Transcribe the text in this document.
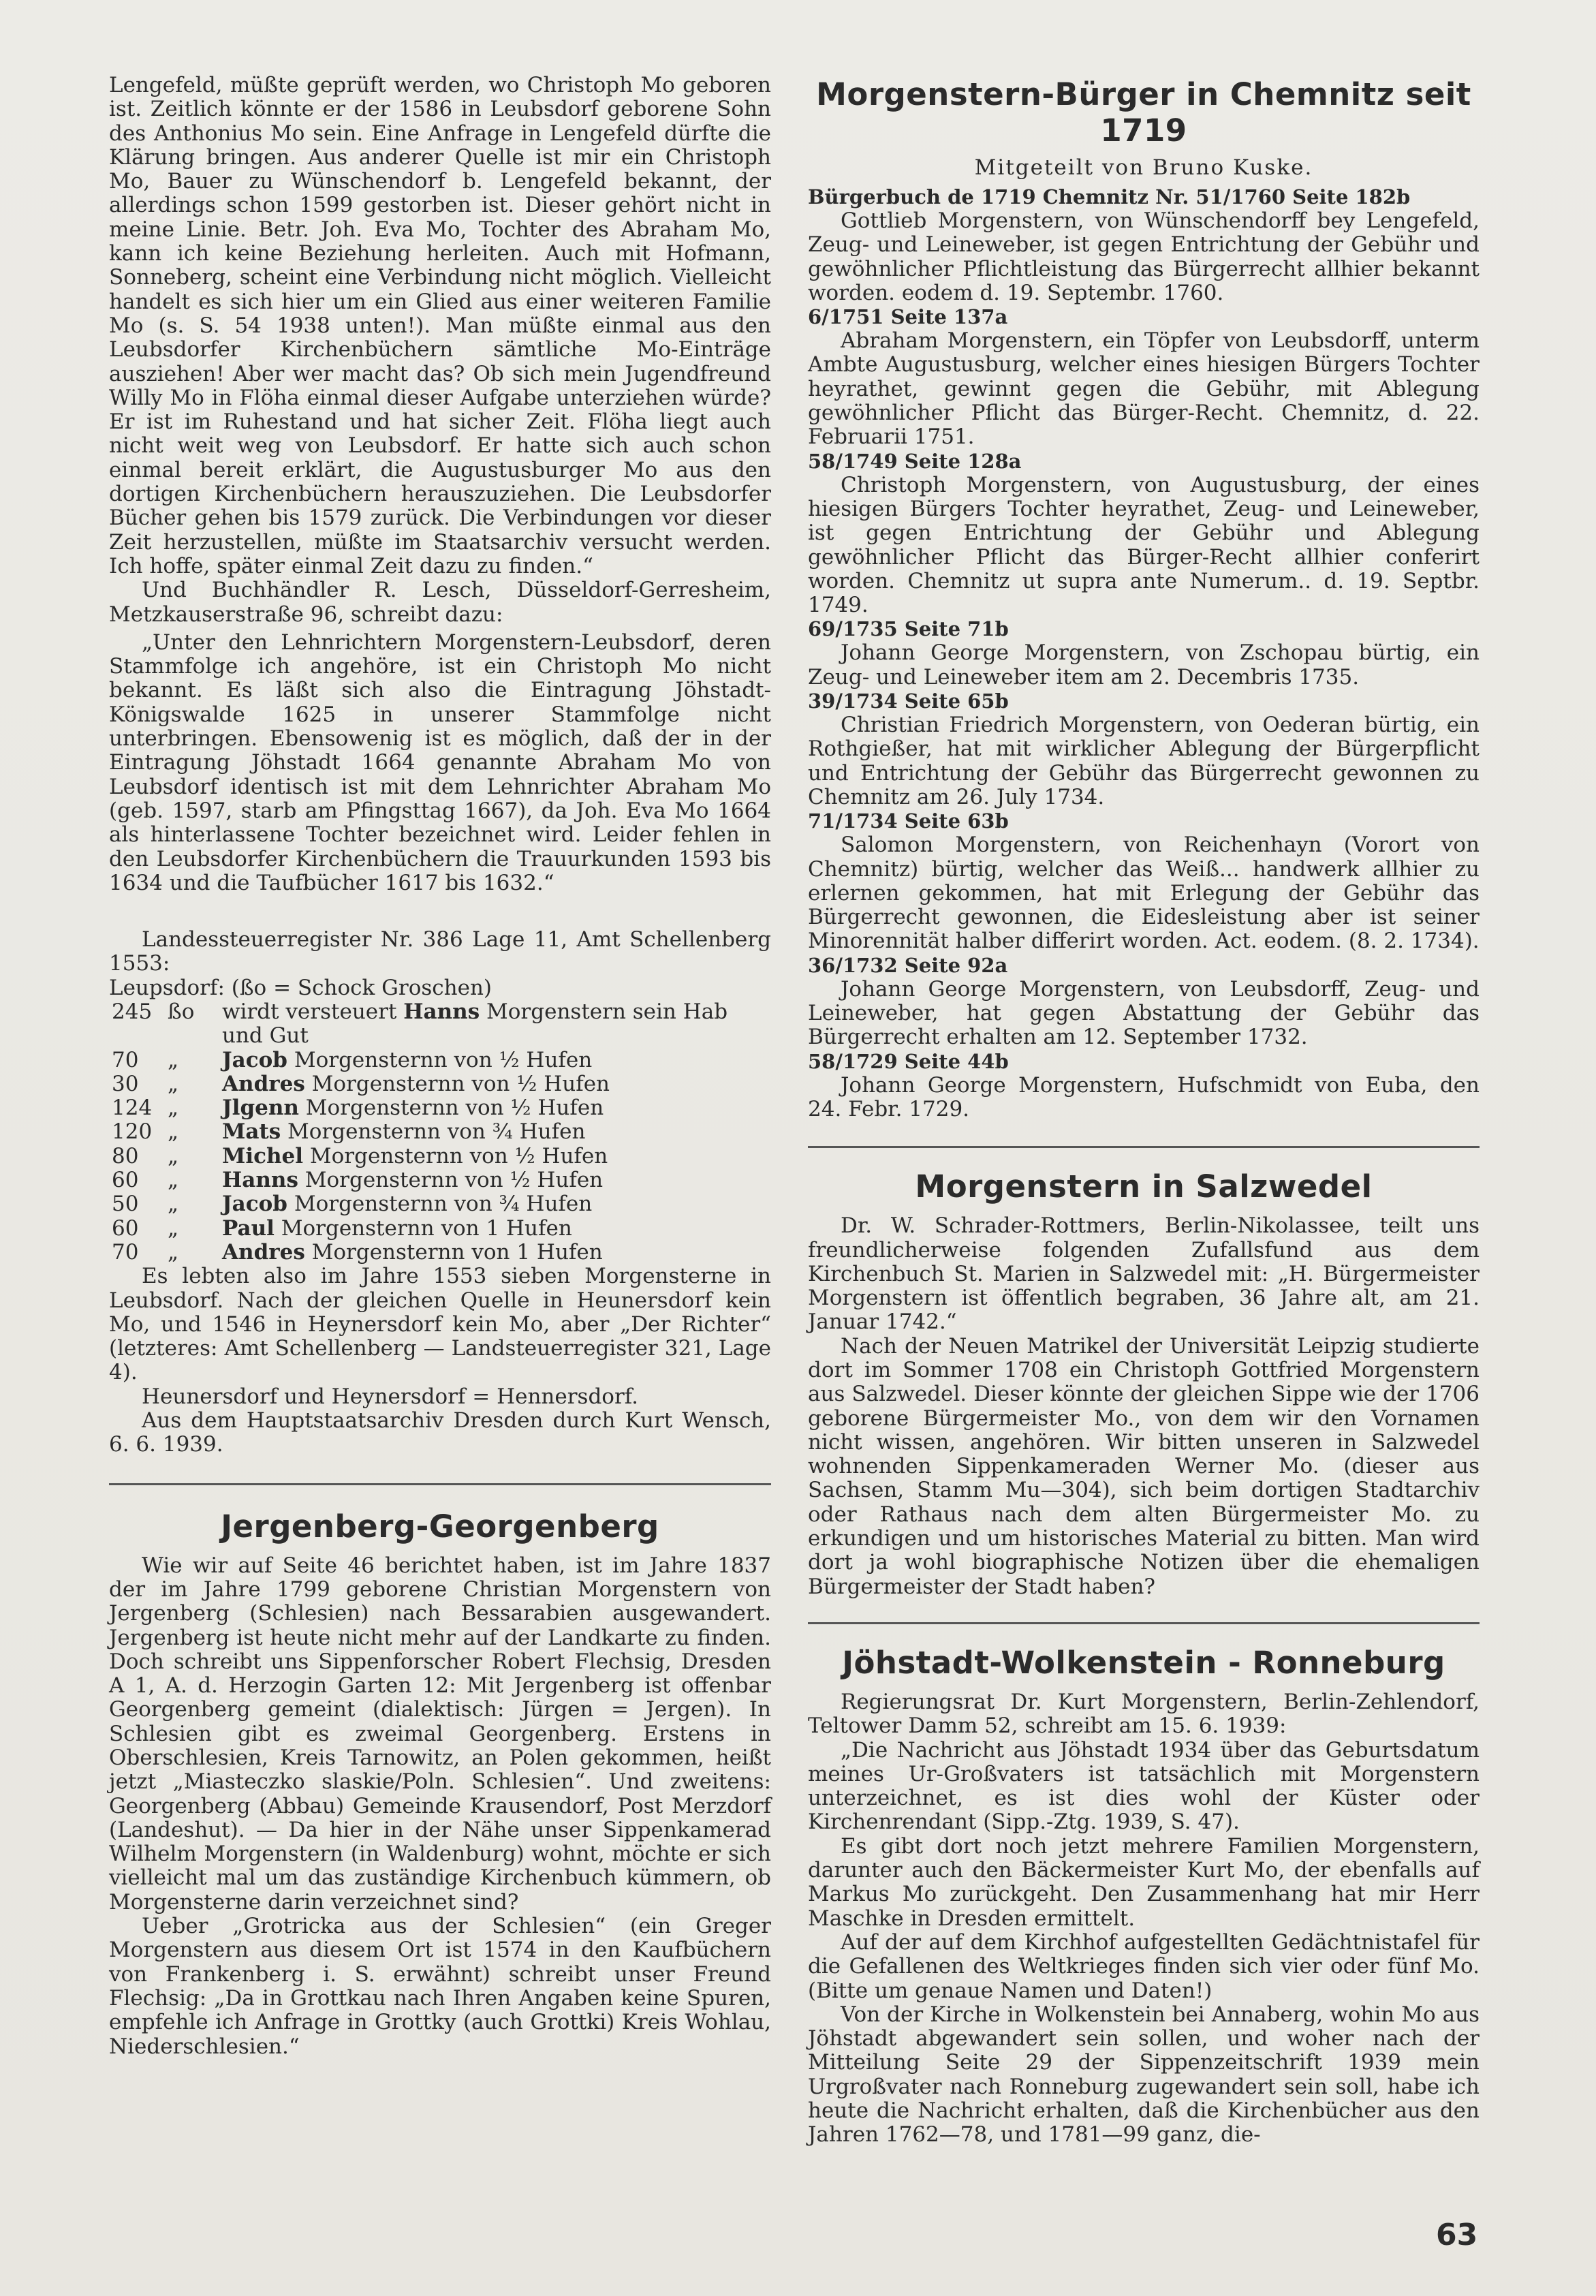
Lengefeld, müßte geprüft werden, wo Christoph Mo geboren ist. Zeitlich könnte er der 1586 in Leubsdorf geborene Sohn des Anthonius Mo sein. Eine Anfrage in Lengefeld dürfte die Klärung bringen. Aus anderer Quelle ist mir ein Christoph Mo, Bauer zu Wünschendorf b. Lengefeld bekannt, der allerdings schon 1599 gestorben ist. Dieser gehört nicht in meine Linie. Betr. Joh. Eva Mo, Tochter des Abraham Mo, kann ich keine Beziehung herleiten. Auch mit Hofmann, Sonneberg, scheint eine Verbindung nicht möglich. Vielleicht handelt es sich hier um ein Glied aus einer weiteren Familie Mo (s. S. 54 1938 unten!). Man müßte einmal aus den Leubsdorfer Kirchenbüchern sämtliche Mo-Einträge ausziehen! Aber wer macht das? Ob sich mein Jugendfreund Willy Mo in Flöha einmal dieser Aufgabe unterziehen würde? Er ist im Ruhestand und hat sicher Zeit. Flöha liegt auch nicht weit weg von Leubsdorf. Er hatte sich auch schon einmal bereit erklärt, die Augustusburger Mo aus den dortigen Kirchenbüchern herauszuziehen. Die Leubsdorfer Bücher gehen bis 1579 zurück. Die Verbindungen vor dieser Zeit herzustellen, müßte im Staatsarchiv versucht werden. Ich hoffe, später einmal Zeit dazu zu finden.“

Und Buchhändler R. Lesch, Düsseldorf-Gerresheim, Metzkauserstraße 96, schreibt dazu:

„Unter den Lehnrichtern Morgenstern-Leubsdorf, deren Stammfolge ich angehöre, ist ein Christoph Mo nicht bekannt. Es läßt sich also die Eintragung Jöhstadt-Königswalde 1625 in unserer Stammfolge nicht unterbringen. Ebensowenig ist es möglich, daß der in der Eintragung Jöhstadt 1664 genannte Abraham Mo von Leubsdorf identisch ist mit dem Lehnrichter Abraham Mo (geb. 1597, starb am Pfingsttag 1667), da Joh. Eva Mo 1664 als hinterlassene Tochter bezeichnet wird. Leider fehlen in den Leubsdorfer Kirchenbüchern die Trauurkunden 1593 bis 1634 und die Taufbücher 1617 bis 1632.“

Landessteuerregister Nr. 386 Lage 11, Amt Schellenberg 1553:

Leupsdorf: (ßo = Schock Groschen)

245	ßo	wirdt versteuert Hanns Morgenstern sein Hab und Gut
70	„	Jacob Morgensternn von ½ Hufen
30	„	Andres Morgensternn von ½ Hufen
124	„	Jlgenn Morgensternn von ½ Hufen
120	„	Mats Morgensternn von ¾ Hufen
80	„	Michel Morgensternn von ½ Hufen
60	„	Hanns Morgensternn von ½ Hufen
50	„	Jacob Morgensternn von ¾ Hufen
60	„	Paul Morgensternn von 1 Hufen
70	„	Andres Morgensternn von 1 Hufen

Es lebten also im Jahre 1553 sieben Morgensterne in Leubsdorf. Nach der gleichen Quelle in Heunersdorf kein Mo, und 1546 in Heynersdorf kein Mo, aber „Der Richter“ (letzteres: Amt Schellenberg — Landsteuerregister 321, Lage 4).

Heunersdorf und Heynersdorf = Hennersdorf.

Aus dem Hauptstaatsarchiv Dresden durch Kurt Wensch, 6. 6. 1939.

Jergenberg-Georgenberg

Wie wir auf Seite 46 berichtet haben, ist im Jahre 1837 der im Jahre 1799 geborene Christian Morgenstern von Jergenberg (Schlesien) nach Bessarabien ausgewandert. Jergenberg ist heute nicht mehr auf der Landkarte zu finden. Doch schreibt uns Sippenforscher Robert Flechsig, Dresden A 1, A. d. Herzogin Garten 12: Mit Jergenberg ist offenbar Georgenberg gemeint (dialektisch: Jürgen = Jergen). In Schlesien gibt es zweimal Georgenberg. Erstens in Oberschlesien, Kreis Tarnowitz, an Polen gekommen, heißt jetzt „Miasteczko slaskie/Poln. Schlesien“. Und zweitens: Georgenberg (Abbau) Gemeinde Krausendorf, Post Merzdorf (Landeshut). — Da hier in der Nähe unser Sippenkamerad Wilhelm Morgenstern (in Waldenburg) wohnt, möchte er sich vielleicht mal um das zuständige Kirchenbuch kümmern, ob Morgensterne darin verzeichnet sind?

Ueber „Grotricka aus der Schlesien“ (ein Greger Morgenstern aus diesem Ort ist 1574 in den Kaufbüchern von Frankenberg i. S. erwähnt) schreibt unser Freund Flechsig: „Da in Grottkau nach Ihren Angaben keine Spuren, empfehle ich Anfrage in Grottky (auch Grottki) Kreis Wohlau, Niederschlesien.“

Morgenstern-Bürger in Chemnitz seit 1719

Mitgeteilt von Bruno Kuske.

Bürgerbuch de 1719 Chemnitz Nr. 51/1760 Seite 182b

Gottlieb Morgenstern, von Wünschendorff bey Lengefeld, Zeug- und Leineweber, ist gegen Entrichtung der Gebühr und gewöhnlicher Pflichtleistung das Bürgerrecht allhier bekannt worden. eodem d. 19. Septembr. 1760.

6/1751 Seite 137a

Abraham Morgenstern, ein Töpfer von Leubsdorff, unterm Ambte Augustusburg, welcher eines hiesigen Bürgers Tochter heyrathet, gewinnt gegen die Gebühr, mit Ablegung gewöhnlicher Pflicht das Bürger-Recht. Chemnitz, d. 22. Februarii 1751.

58/1749 Seite 128a

Christoph Morgenstern, von Augustusburg, der eines hiesigen Bürgers Tochter heyrathet, Zeug- und Leineweber, ist gegen Entrichtung der Gebühr und Ablegung gewöhnlicher Pflicht das Bürger-Recht allhier conferirt worden. Chemnitz ut supra ante Numerum.. d. 19. Septbr. 1749.

69/1735 Seite 71b

Johann George Morgenstern, von Zschopau bürtig, ein Zeug- und Leineweber item am 2. Decembris 1735.

39/1734 Seite 65b

Christian Friedrich Morgenstern, von Oederan bürtig, ein Rothgießer, hat mit wirklicher Ablegung der Bürgerpflicht und Entrichtung der Gebühr das Bürgerrecht gewonnen zu Chemnitz am 26. July 1734.

71/1734 Seite 63b

Salomon Morgenstern, von Reichenhayn (Vorort von Chemnitz) bürtig, welcher das Weiß... handwerk allhier zu erlernen gekommen, hat mit Erlegung der Gebühr das Bürgerrecht gewonnen, die Eidesleistung aber ist seiner Minorennität halber differirt worden. Act. eodem. (8. 2. 1734).

36/1732 Seite 92a

Johann George Morgenstern, von Leubsdorff, Zeug- und Leineweber, hat gegen Abstattung der Gebühr das Bürgerrecht erhalten am 12. September 1732.

58/1729 Seite 44b

Johann George Morgenstern, Hufschmidt von Euba, den 24. Febr. 1729.

Morgenstern in Salzwedel

Dr. W. Schrader-Rottmers, Berlin-Nikolassee, teilt uns freundlicherweise folgenden Zufallsfund aus dem Kirchenbuch St. Marien in Salzwedel mit: „H. Bürgermeister Morgenstern ist öffentlich begraben, 36 Jahre alt, am 21. Januar 1742.“

Nach der Neuen Matrikel der Universität Leipzig studierte dort im Sommer 1708 ein Christoph Gottfried Morgenstern aus Salzwedel. Dieser könnte der gleichen Sippe wie der 1706 geborene Bürgermeister Mo., von dem wir den Vornamen nicht wissen, angehören. Wir bitten unseren in Salzwedel wohnenden Sippenkameraden Werner Mo. (dieser aus Sachsen, Stamm Mu—304), sich beim dortigen Stadtarchiv oder Rathaus nach dem alten Bürgermeister Mo. zu erkundigen und um historisches Material zu bitten. Man wird dort ja wohl biographische Notizen über die ehemaligen Bürgermeister der Stadt haben?

Jöhstadt-Wolkenstein - Ronneburg

Regierungsrat Dr. Kurt Morgenstern, Berlin-Zehlendorf, Teltower Damm 52, schreibt am 15. 6. 1939:

„Die Nachricht aus Jöhstadt 1934 über das Geburtsdatum meines Ur-Großvaters ist tatsächlich mit Morgenstern unterzeichnet, es ist dies wohl der Küster oder Kirchenrendant (Sipp.-Ztg. 1939, S. 47).

Es gibt dort noch jetzt mehrere Familien Morgenstern, darunter auch den Bäckermeister Kurt Mo, der ebenfalls auf Markus Mo zurückgeht. Den Zusammenhang hat mir Herr Maschke in Dresden ermittelt.

Auf der auf dem Kirchhof aufgestellten Gedächtnistafel für die Gefallenen des Weltkrieges finden sich vier oder fünf Mo. (Bitte um genaue Namen und Daten!)

Von der Kirche in Wolkenstein bei Annaberg, wohin Mo aus Jöhstadt abgewandert sein sollen, und woher nach der Mitteilung Seite 29 der Sippenzeitschrift 1939 mein Urgroßvater nach Ronneburg zugewandert sein soll, habe ich heute die Nachricht erhalten, daß die Kirchenbücher aus den Jahren 1762—78, und 1781—99 ganz, die-

63
